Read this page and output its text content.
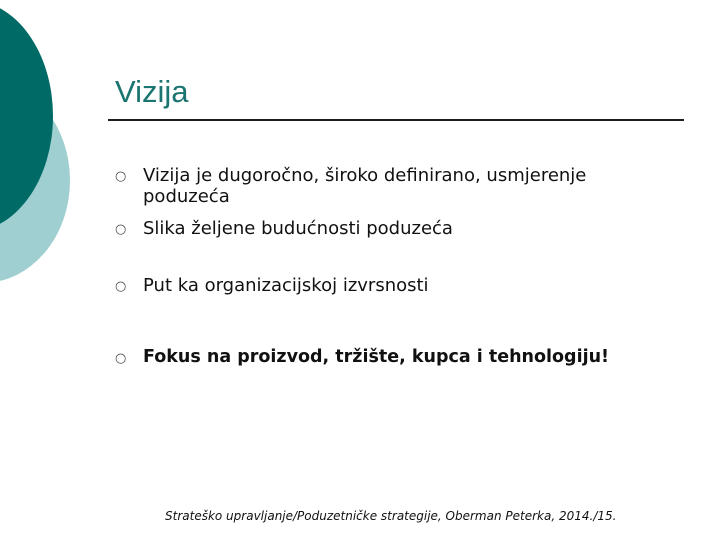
Vizija
○ Vizija je dugoročno, široko definirano, usmjerenje
poduzeća
○ Slika željene budućnosti poduzeća
○ Put ka organizacijskoj izvrsnosti
○ Fokus na proizvod, tržište, kupca i tehnologiju!
Strateško upravljanje/Poduzetničke strategije, Oberman Peterka, 2014./15.
